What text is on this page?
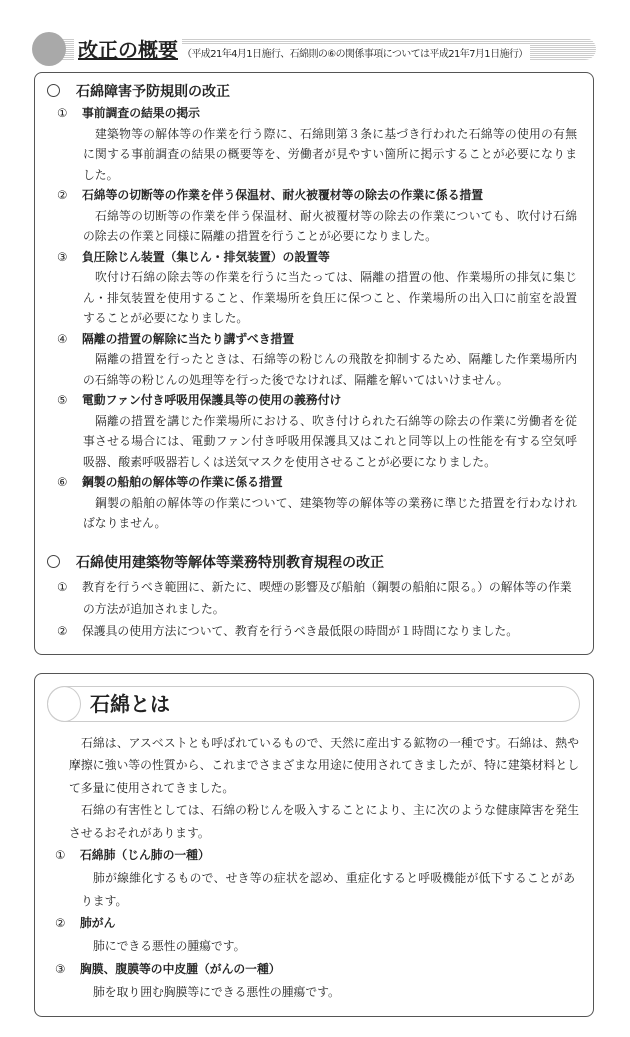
改正の概要 （平成21年4月1日施行、石綿則の⑥の関係事項については平成21年7月1日施行）
石綿障害予防規則の改正
① 事前調査の結果の掲示
建築物等の解体等の作業を行う際に、石綿則第３条に基づき行われた石綿等の使用の有無に関する事前調査の結果の概要等を、労働者が見やすい箇所に掲示することが必要になりました。
② 石綿等の切断等の作業を伴う保温材、耐火被覆材等の除去の作業に係る措置
石綿等の切断等の作業を伴う保温材、耐火被覆材等の除去の作業についても、吹付け石綿の除去の作業と同様に隔離の措置を行うことが必要になりました。
③ 負圧除じん装置（集じん・排気装置）の設置等
吹付け石綿の除去等の作業を行うに当たっては、隔離の措置の他、作業場所の排気に集じん・排気装置を使用すること、作業場所を負圧に保つこと、作業場所の出入口に前室を設置することが必要になりました。
④ 隔離の措置の解除に当たり講ずべき措置
隔離の措置を行ったときは、石綿等の粉じんの飛散を抑制するため、隔離した作業場所内の石綿等の粉じんの処理等を行った後でなければ、隔離を解いてはいけません。
⑤ 電動ファン付き呼吸用保護具等の使用の義務付け
隔離の措置を講じた作業場所における、吹き付けられた石綿等の除去の作業に労働者を従事させる場合には、電動ファン付き呼吸用保護具又はこれと同等以上の性能を有する空気呼吸器、酸素呼吸器若しくは送気マスクを使用させることが必要になりました。
⑥ 鋼製の船舶の解体等の作業に係る措置
鋼製の船舶の解体等の作業について、建築物等の解体等の業務に準じた措置を行わなければなりません。
石綿使用建築物等解体等業務特別教育規程の改正
① 教育を行うべき範囲に、新たに、喫煙の影響及び船舶（鋼製の船舶に限る。）の解体等の作業の方法が追加されました。
② 保護具の使用方法について、教育を行うべき最低限の時間が１時間になりました。
石綿とは

石綿は、アスベストとも呼ばれているもので、天然に産出する鉱物の一種です。石綿は、熱や摩擦に強い等の性質から、これまでさまざまな用途に使用されてきましたが、特に建築材料として多量に使用されてきました。

石綿の有害性としては、石綿の粉じんを吸入することにより、主に次のような健康障害を発生させるおそれがあります。

① 石綿肺（じん肺の一種）
肺が線維化するもので、せき等の症状を認め、重症化すると呼吸機能が低下することがあります。
② 肺がん
肺にできる悪性の腫瘍です。
③ 胸膜、腹膜等の中皮腫（がんの一種）
肺を取り囲む胸膜等にできる悪性の腫瘍です。
